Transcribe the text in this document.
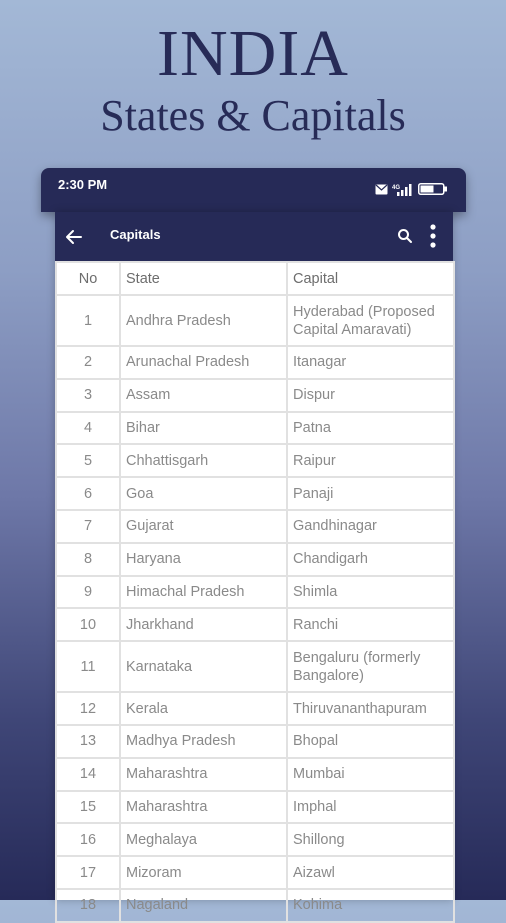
INDIA
States & Capitals
2:30 PM	4G
Capitals
No	State	Capital
1	Andhra Pradesh	Hyderabad (Proposed Capital Amaravati)
2	Arunachal Pradesh	Itanagar
3	Assam	Dispur
4	Bihar	Patna
5	Chhattisgarh	Raipur
6	Goa	Panaji
7	Gujarat	Gandhinagar
8	Haryana	Chandigarh
9	Himachal Pradesh	Shimla
10	Jharkhand	Ranchi
11	Karnataka	Bengaluru (formerly Bangalore)
12	Kerala	Thiruvananthapuram
13	Madhya Pradesh	Bhopal
14	Maharashtra	Mumbai
15	Maharashtra	Imphal
16	Meghalaya	Shillong
17	Mizoram	Aizawl
18	Nagaland	Kohima
